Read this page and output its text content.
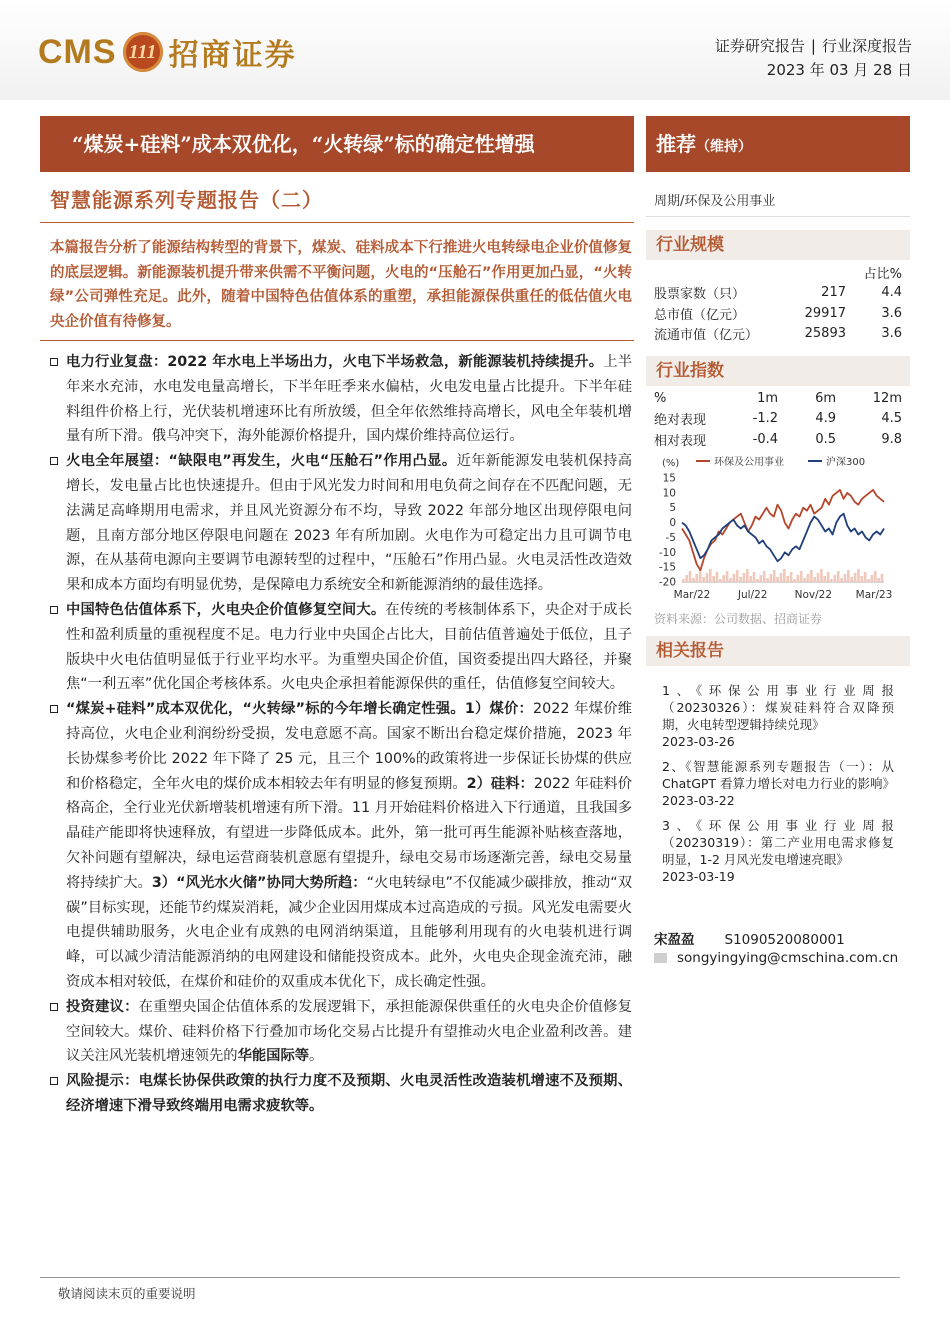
CMS 111 招商证券	证券研究报告 | 行业深度报告
2023 年 03 月 28 日
“煤炭+硅料”成本双优化，“火转绿”标的确定性增强	推荐（维持）
智慧能源系列专题报告（二）	周期/环保及公用事业
本篇报告分析了能源结构转型的背景下，煤炭、硅料成本下行推进火电转绿电企业价值修复的底层逻辑。新能源装机提升带来供需不平衡问题，火电的“压舱石”作用更加凸显，“火转绿”公司弹性充足。此外，随着中国特色估值体系的重塑，承担能源保供重任的低估值火电央企价值有待修复。

电力行业复盘：2022 年水电上半场出力，火电下半场救急，新能源装机持续提升。上半年来水充沛，水电发电量高增长，下半年旺季来水偏枯，火电发电量占比提升。下半年硅料组件价格上行，光伏装机增速环比有所放缓，但全年依然维持高增长，风电全年装机增量有所下滑。俄乌冲突下，海外能源价格提升，国内煤价维持高位运行。

火电全年展望：“缺限电”再发生，火电“压舱石”作用凸显。近年新能源发电装机保持高增长，发电量占比也快速提升。但由于风光发力时间和用电负荷之间存在不匹配问题，无法满足高峰期用电需求，并且风光资源分布不均，导致 2022 年部分地区出现停限电问题，且南方部分地区停限电问题在 2023 年有所加剧。火电作为可稳定出力且可调节电源，在从基荷电源向主要调节电源转型的过程中，“压舱石”作用凸显。火电灵活性改造效果和成本方面均有明显优势，是保障电力系统安全和新能源消纳的最佳选择。

中国特色估值体系下，火电央企价值修复空间大。在传统的考核制体系下，央企对于成长性和盈利质量的重视程度不足。电力行业中央国企占比大，目前估值普遍处于低位，且子版块中火电估值明显低于行业平均水平。为重塑央国企价值，国资委提出四大路径，并聚焦“一利五率”优化国企考核体系。火电央企承担着能源保供的重任，估值修复空间较大。

“煤炭+硅料”成本双优化，“火转绿”标的今年增长确定性强。1）煤价：2022 年煤价维持高位，火电企业利润纷纷受损，发电意愿不高。国家不断出台稳定煤价措施，2023 年长协煤参考价比 2022 年下降了 25 元，且三个 100%的政策将进一步保证长协煤的供应和价格稳定，全年火电的煤价成本相较去年有明显的修复预期。2）硅料：2022 年硅料价格高企，全行业光伏新增装机增速有所下滑。11 月开始硅料价格进入下行通道，且我国多晶硅产能即将快速释放，有望进一步降低成本。此外，第一批可再生能源补贴核查落地，欠补问题有望解决，绿电运营商装机意愿有望提升，绿电交易市场逐渐完善，绿电交易量将持续扩大。3）“风光水火储”协同大势所趋：“火电转绿电”不仅能减少碳排放，推动“双碳”目标实现，还能节约煤炭消耗，减少企业因用煤成本过高造成的亏损。风光发电需要火电提供辅助服务，火电企业有成熟的电网消纳渠道，且能够利用现有的火电装机进行调峰，可以减少清洁能源消纳的电网建设和储能投资成本。此外，火电央企现金流充沛，融资成本相对较低，在煤价和硅价的双重成本优化下，成长确定性强。

投资建议：在重塑央国企估值体系的发展逻辑下，承担能源保供重任的火电央企价值修复空间较大。煤价、硅料价格下行叠加市场化交易占比提升有望推动火电企业盈利改善。建议关注风光装机增速领先的华能国际等。

风险提示：电煤长协保供政策的执行力度不及预期、火电灵活性改造装机增速不及预期、经济增速下滑导致终端用电需求疲软等。

行业规模
		占比%
股票家数（只）	217	4.4
总市值（亿元）	29917	3.6
流通市值（亿元）	25893	3.6
行业指数
%	1m	6m	12m
绝对表现	-1.2	4.9	4.5
相对表现	-0.4	0.5	9.8
(%)	环保及公用事业	沪深300
15
10
5
0
-5
-10
-15
-20
Mar/22	Jul/22	Nov/22 Mar/23
资料来源：公司数据、招商证券
相关报告
1、《环保公用事业行业周报（20230326）：煤炭硅料符合双降预期，火电转型逻辑持续兑现》
2023-03-26
2、《智慧能源系列专题报告（一）：从 ChatGPT 看算力增长对电力行业的影响》
2023-03-22
3、《环保公用事业行业周报（20230319）：第二产业用电需求修复明显，1-2 月风光发电增速亮眼》
2023-03-19
宋盈盈 S1090520080001
songyingying@cmschina.com.cn
敬请阅读末页的重要说明
